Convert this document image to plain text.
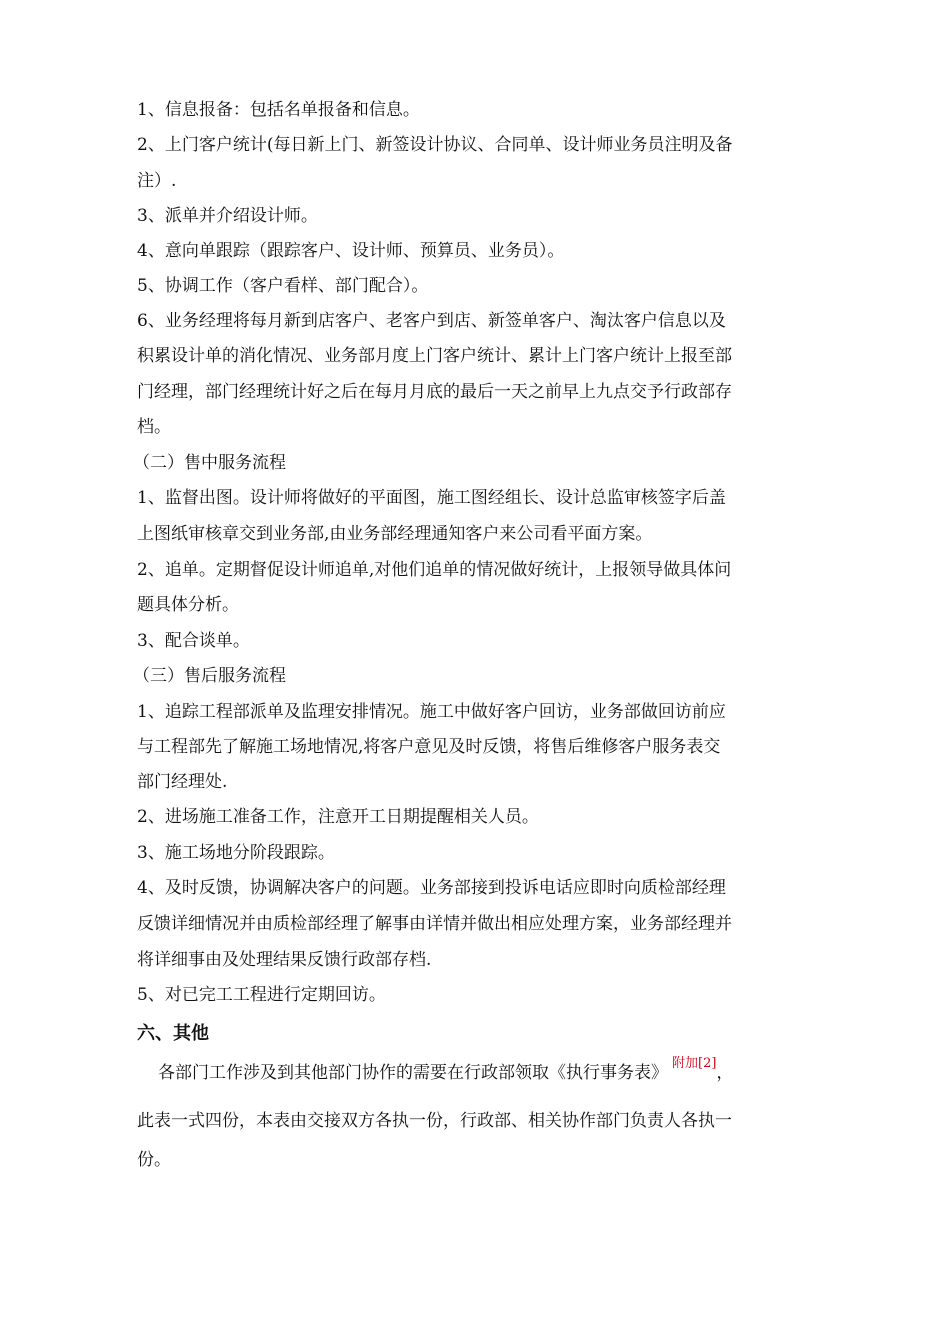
1、信息报备：包括名单报备和信息。
2、上门客户统计(每日新上门、新签设计协议、合同单、设计师业务员注明及备
注）.
3、派单并介绍设计师。
4、意向单跟踪（跟踪客户、设计师、预算员、业务员）。
5、协调工作（客户看样、部门配合）。
6、业务经理将每月新到店客户、老客户到店、新签单客户、淘汰客户信息以及
积累设计单的消化情况、业务部月度上门客户统计、累计上门客户统计上报至部
门经理，部门经理统计好之后在每月月底的最后一天之前早上九点交予行政部存
档。
（二）售中服务流程
1、监督出图。设计师将做好的平面图，施工图经组长、设计总监审核签字后盖
上图纸审核章交到业务部,由业务部经理通知客户来公司看平面方案。
2、追单。定期督促设计师追单,对他们追单的情况做好统计，上报领导做具体问
题具体分析。
3、配合谈单。
（三）售后服务流程
1、追踪工程部派单及监理安排情况。施工中做好客户回访，业务部做回访前应
与工程部先了解施工场地情况,将客户意见及时反馈，将售后维修客户服务表交
部门经理处.
2、进场施工准备工作，注意开工日期提醒相关人员。
3、施工场地分阶段跟踪。
4、及时反馈，协调解决客户的问题。业务部接到投诉电话应即时向质检部经理
反馈详细情况并由质检部经理了解事由详情并做出相应处理方案，业务部经理并
将详细事由及处理结果反馈行政部存档.
5、对已完工工程进行定期回访。
六、其他
各部门工作涉及到其他部门协作的需要在行政部领取《执行事务表》 $^{附加[2]}$，
此表一式四份，本表由交接双方各执一份，行政部、相关协作部门负责人各执一
份。
